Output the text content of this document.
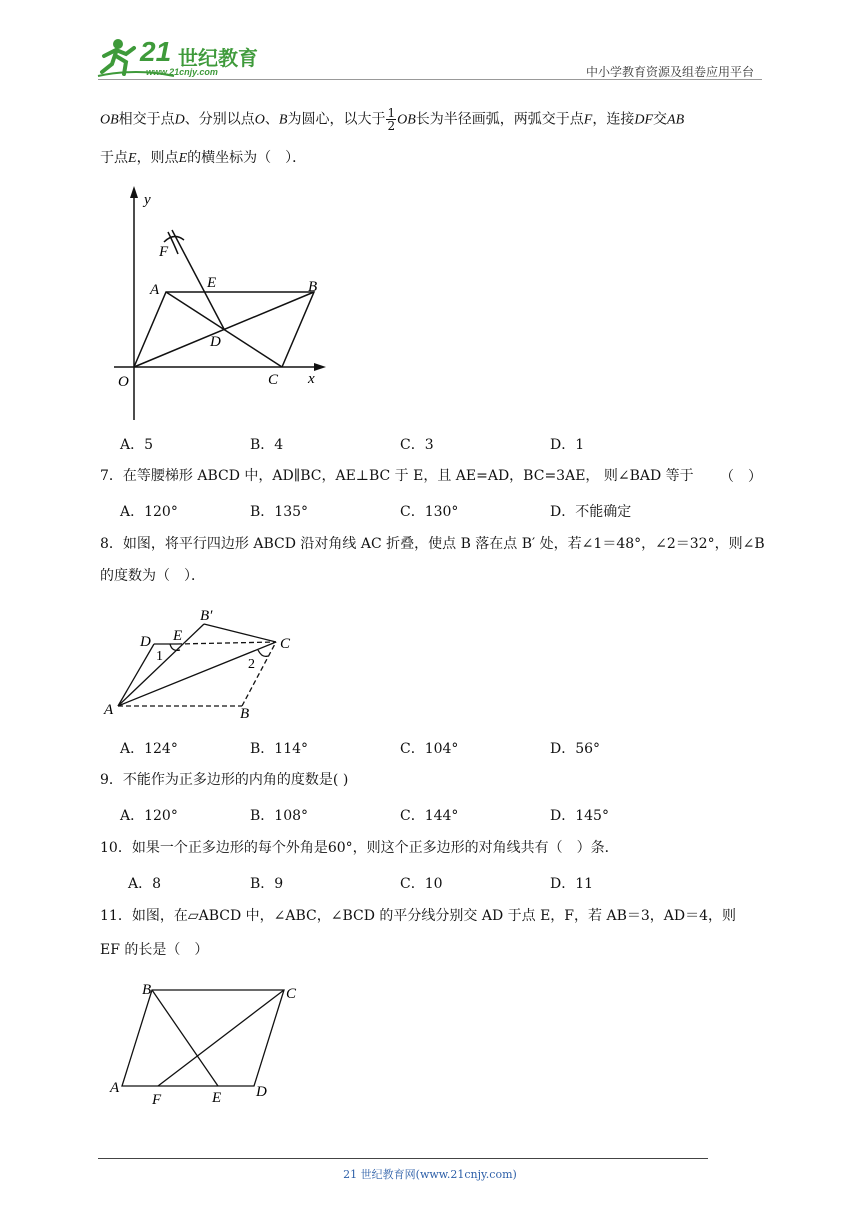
21 世纪教育
www.21cnjy.com	中小学教育资源及组卷应用平台
OB相交于点D、分别以点O、B为圆心，以大于 $\frac{1}{2}$ OB长为半径画弧，两弧交于点F，连接DF交AB
于点E，则点E的横坐标为（　）．
y
x
O
F
E
A	B
D
C
A．5	B．4	C．3	D．1
7．在等腰梯形 ABCD 中，AD∥BC，AE⊥BC 于 E，且 AE=AD，BC=3AE， 则∠BAD 等于 （　）
A．120°	B．135°	C．130°	D．不能确定
8．如图，将平行四边形 ABCD 沿对角线 AC 折叠，使点 B 落在点 B′ 处，若∠1＝48°，∠2＝32°，则∠B
的度数为（　）．
B′
D E	C
1
2
A	B
A．124°	B．114°	C．104°	D．56°
9．不能作为正多边形的内角的度数是( )
A．120°	B．108°	C．144°	D．145°
10．如果一个正多边形的每个外角是60°，则这个正多边形的对角线共有（　）条．
A．8	B．9	C．10	D．11
11．如图，在▱ABCD 中，∠ABC，∠BCD 的平分线分别交 AD 于点 E，F，若 AB＝3，AD＝4，则
EF 的长是（　）
B	C
A
F	E D
21 世纪教育网(www.21cnjy.com)
